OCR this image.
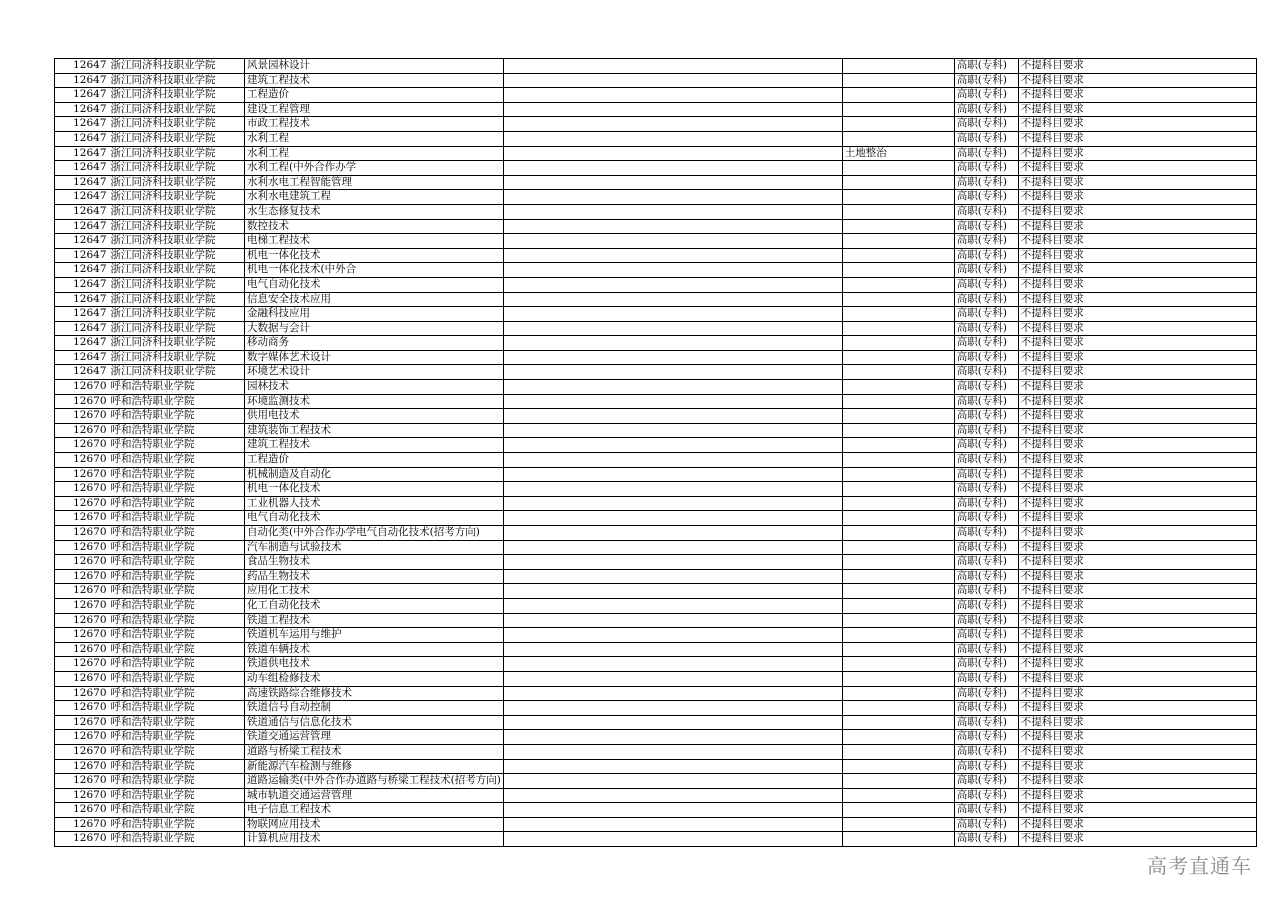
12647	浙江同济科技职业学院	风景园林设计			高职(专科)	不提科目要求
12647	浙江同济科技职业学院	建筑工程技术			高职(专科)	不提科目要求
12647	浙江同济科技职业学院	工程造价			高职(专科)	不提科目要求
12647	浙江同济科技职业学院	建设工程管理			高职(专科)	不提科目要求
12647	浙江同济科技职业学院	市政工程技术			高职(专科)	不提科目要求
12647	浙江同济科技职业学院	水利工程			高职(专科)	不提科目要求
12647	浙江同济科技职业学院	水利工程		土地整治	高职(专科)	不提科目要求
12647	浙江同济科技职业学院	水利工程(中外合作办学			高职(专科)	不提科目要求
12647	浙江同济科技职业学院	水利水电工程智能管理			高职(专科)	不提科目要求
12647	浙江同济科技职业学院	水利水电建筑工程			高职(专科)	不提科目要求
12647	浙江同济科技职业学院	水生态修复技术			高职(专科)	不提科目要求
12647	浙江同济科技职业学院	数控技术			高职(专科)	不提科目要求
12647	浙江同济科技职业学院	电梯工程技术			高职(专科)	不提科目要求
12647	浙江同济科技职业学院	机电一体化技术			高职(专科)	不提科目要求
12647	浙江同济科技职业学院	机电一体化技术(中外合			高职(专科)	不提科目要求
12647	浙江同济科技职业学院	电气自动化技术			高职(专科)	不提科目要求
12647	浙江同济科技职业学院	信息安全技术应用			高职(专科)	不提科目要求
12647	浙江同济科技职业学院	金融科技应用			高职(专科)	不提科目要求
12647	浙江同济科技职业学院	大数据与会计			高职(专科)	不提科目要求
12647	浙江同济科技职业学院	移动商务			高职(专科)	不提科目要求
12647	浙江同济科技职业学院	数字媒体艺术设计			高职(专科)	不提科目要求
12647	浙江同济科技职业学院	环境艺术设计			高职(专科)	不提科目要求
12670	呼和浩特职业学院	园林技术			高职(专科)	不提科目要求
12670	呼和浩特职业学院	环境监测技术			高职(专科)	不提科目要求
12670	呼和浩特职业学院	供用电技术			高职(专科)	不提科目要求
12670	呼和浩特职业学院	建筑装饰工程技术			高职(专科)	不提科目要求
12670	呼和浩特职业学院	建筑工程技术			高职(专科)	不提科目要求
12670	呼和浩特职业学院	工程造价			高职(专科)	不提科目要求
12670	呼和浩特职业学院	机械制造及自动化			高职(专科)	不提科目要求
12670	呼和浩特职业学院	机电一体化技术			高职(专科)	不提科目要求
12670	呼和浩特职业学院	工业机器人技术			高职(专科)	不提科目要求
12670	呼和浩特职业学院	电气自动化技术			高职(专科)	不提科目要求
12670	呼和浩特职业学院	自动化类(中外合作办学电气自动化技术(招考方向)			高职(专科)	不提科目要求
12670	呼和浩特职业学院	汽车制造与试验技术			高职(专科)	不提科目要求
12670	呼和浩特职业学院	食品生物技术			高职(专科)	不提科目要求
12670	呼和浩特职业学院	药品生物技术			高职(专科)	不提科目要求
12670	呼和浩特职业学院	应用化工技术			高职(专科)	不提科目要求
12670	呼和浩特职业学院	化工自动化技术			高职(专科)	不提科目要求
12670	呼和浩特职业学院	铁道工程技术			高职(专科)	不提科目要求
12670	呼和浩特职业学院	铁道机车运用与维护			高职(专科)	不提科目要求
12670	呼和浩特职业学院	铁道车辆技术			高职(专科)	不提科目要求
12670	呼和浩特职业学院	铁道供电技术			高职(专科)	不提科目要求
12670	呼和浩特职业学院	动车组检修技术			高职(专科)	不提科目要求
12670	呼和浩特职业学院	高速铁路综合维修技术			高职(专科)	不提科目要求
12670	呼和浩特职业学院	铁道信号自动控制			高职(专科)	不提科目要求
12670	呼和浩特职业学院	铁道通信与信息化技术			高职(专科)	不提科目要求
12670	呼和浩特职业学院	铁道交通运营管理			高职(专科)	不提科目要求
12670	呼和浩特职业学院	道路与桥梁工程技术			高职(专科)	不提科目要求
12670	呼和浩特职业学院	新能源汽车检测与维修			高职(专科)	不提科目要求
12670	呼和浩特职业学院	道路运输类(中外合作办道路与桥梁工程技术(招考方向)			高职(专科)	不提科目要求
12670	呼和浩特职业学院	城市轨道交通运营管理			高职(专科)	不提科目要求
12670	呼和浩特职业学院	电子信息工程技术			高职(专科)	不提科目要求
12670	呼和浩特职业学院	物联网应用技术			高职(专科)	不提科目要求
12670	呼和浩特职业学院	计算机应用技术			高职(专科)	不提科目要求
高考直通车
